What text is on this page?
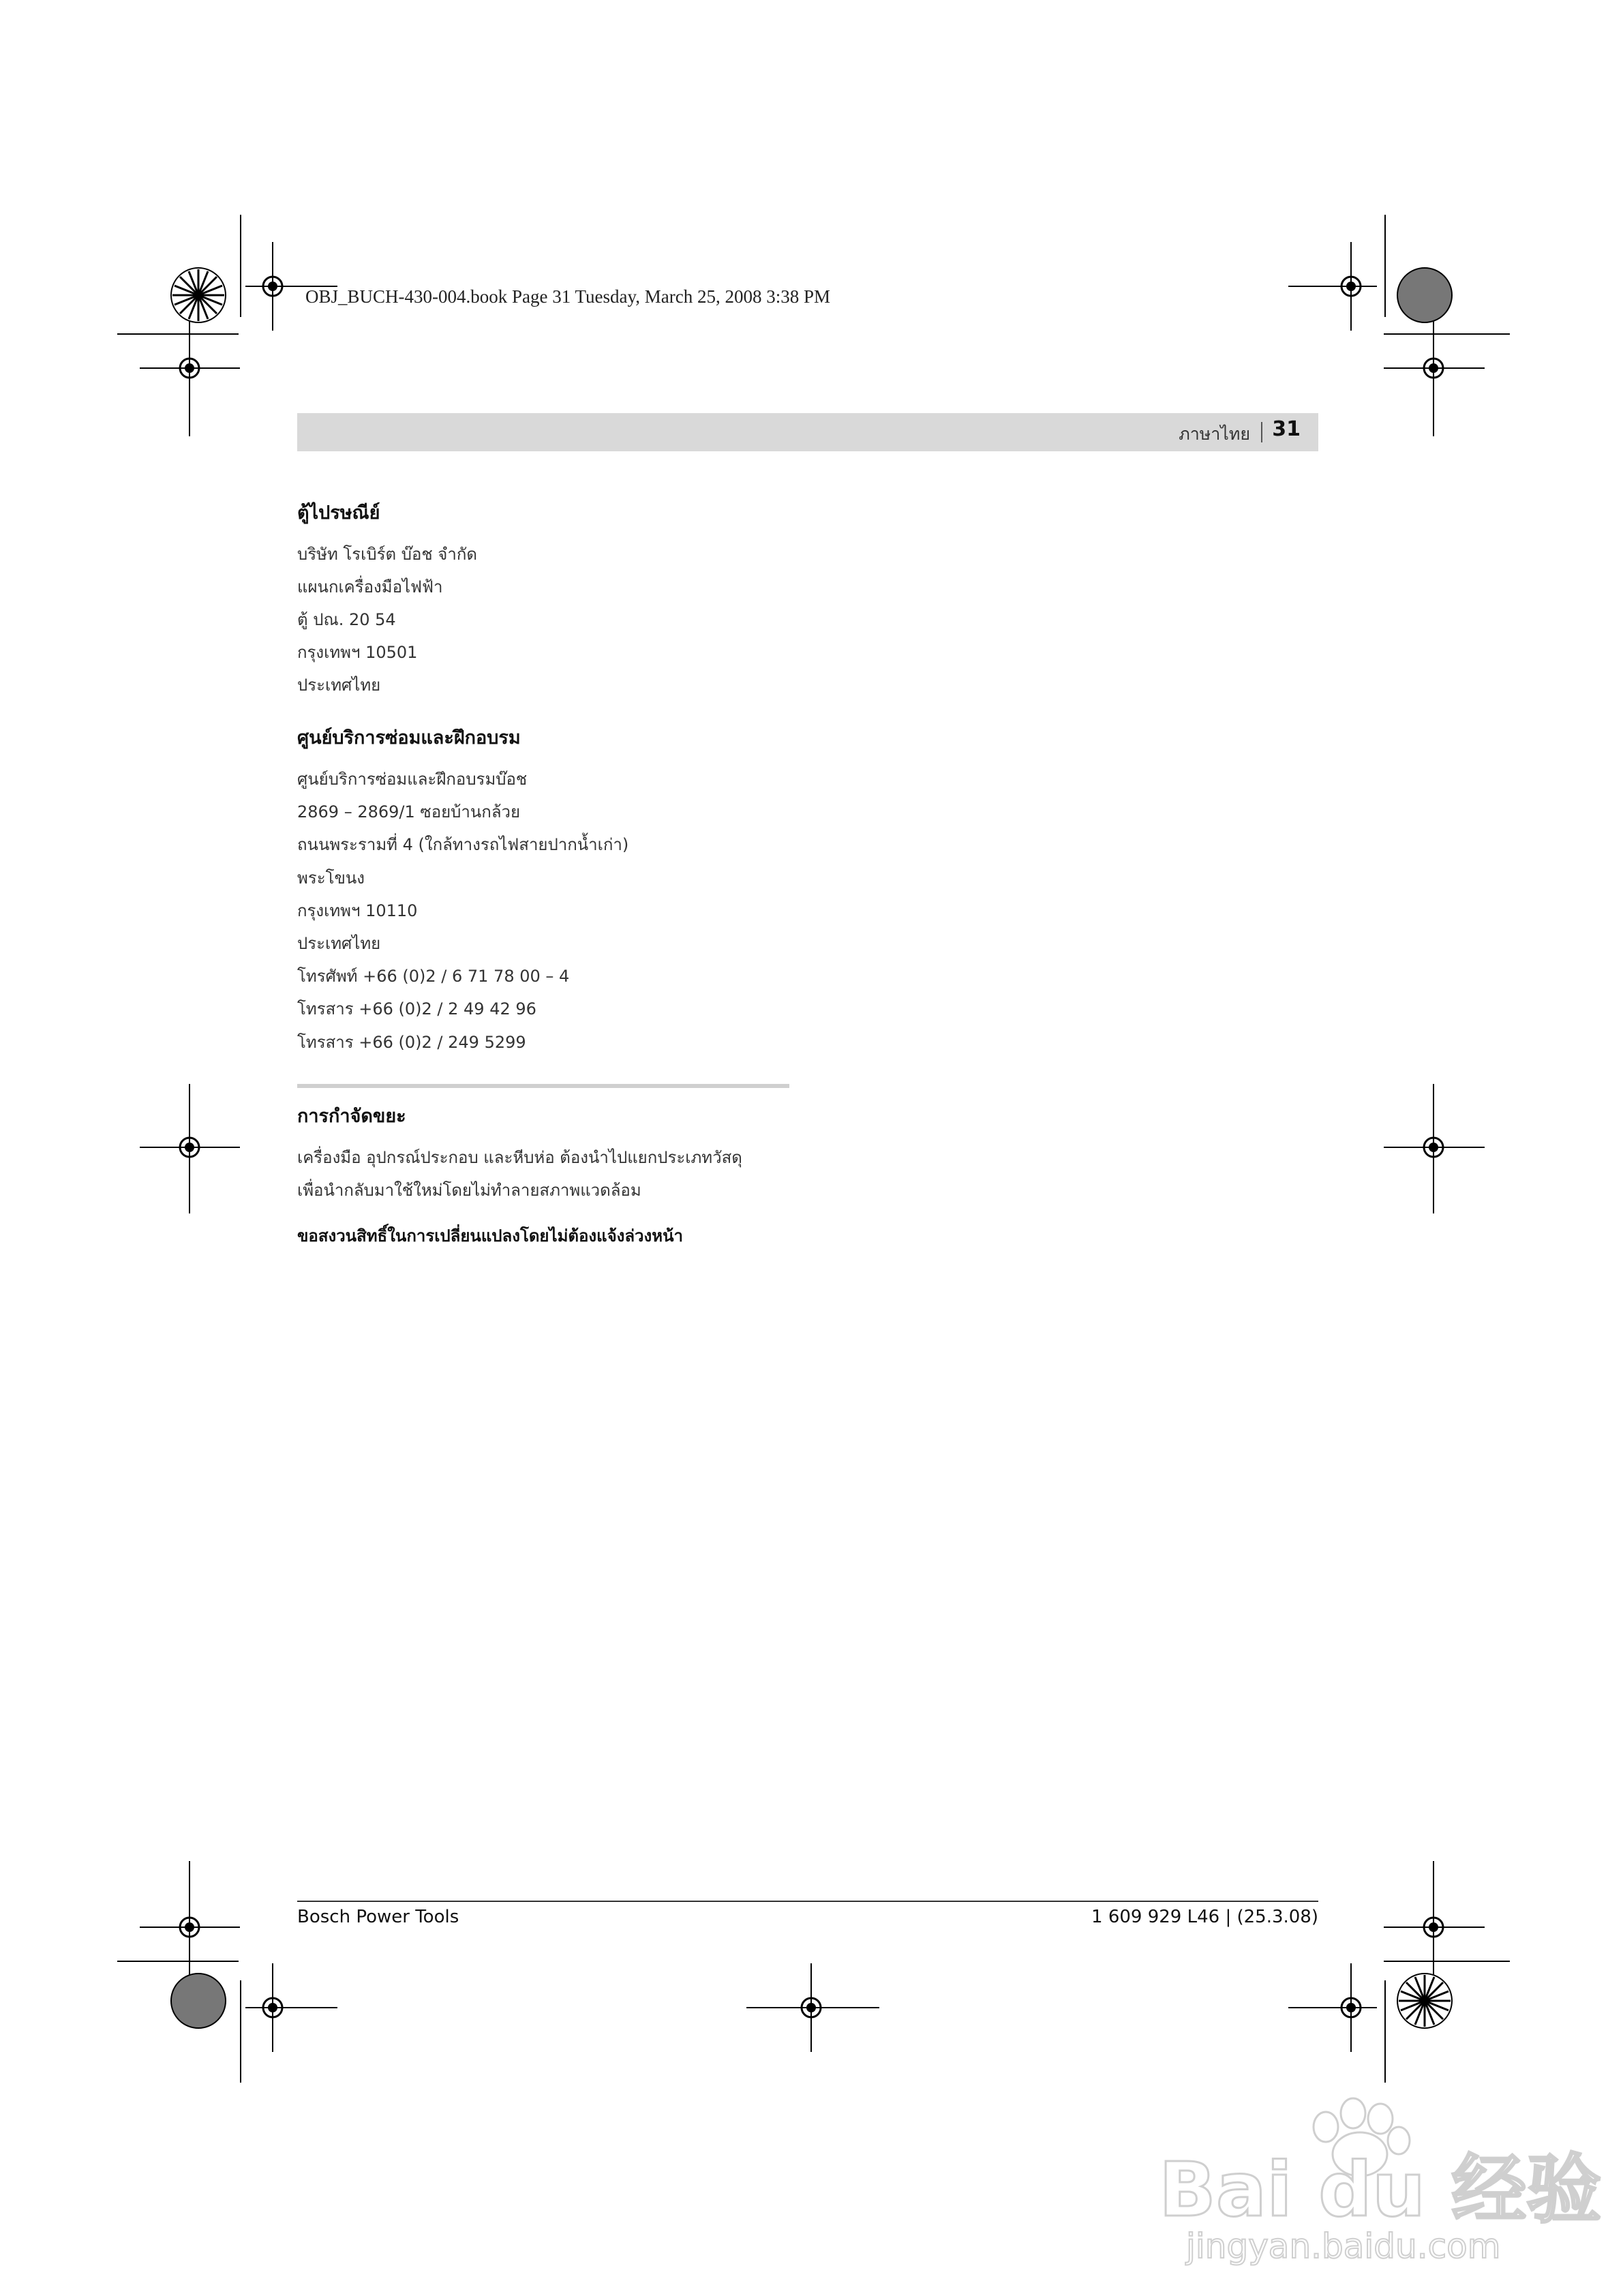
OBJ_BUCH-430-004.book Page 31 Tuesday, March 25, 2008 3:38 PM
ภาษาไทย 31
ตู้ไปรษณีย์
บริษัท โรเบิร์ต บ๊อช จำกัด
แผนกเครื่องมือไฟฟ้า
ตู้ ปณ. 20 54
กรุงเทพฯ 10501
ประเทศไทย
ศูนย์บริการซ่อมและฝึกอบรม
ศูนย์บริการซ่อมและฝึกอบรมบ๊อช
2869 – 2869/1 ซอยบ้านกล้วย
ถนนพระรามที่ 4 (ใกล้ทางรถไฟสายปากน้ำเก่า)
พระโขนง
กรุงเทพฯ 10110
ประเทศไทย
โทรศัพท์ +66 (0)2 / 6 71 78 00 – 4
โทรสาร +66 (0)2 / 2 49 42 96
โทรสาร +66 (0)2 / 249 5299
การกำจัดขยะ
เครื่องมือ อุปกรณ์ประกอบ และหีบห่อ ต้องนำไปแยกประเภทวัสดุ
เพื่อนำกลับมาใช้ใหม่โดยไม่ทำลายสภาพแวดล้อม
ขอสงวนสิทธิ์ในการเปลี่ยนแปลงโดยไม่ต้องแจ้งล่วงหน้า
Bosch Power Tools	1 609 929 L46 | (25.3.08)
Bai du 经验
jingyan.baidu.com
